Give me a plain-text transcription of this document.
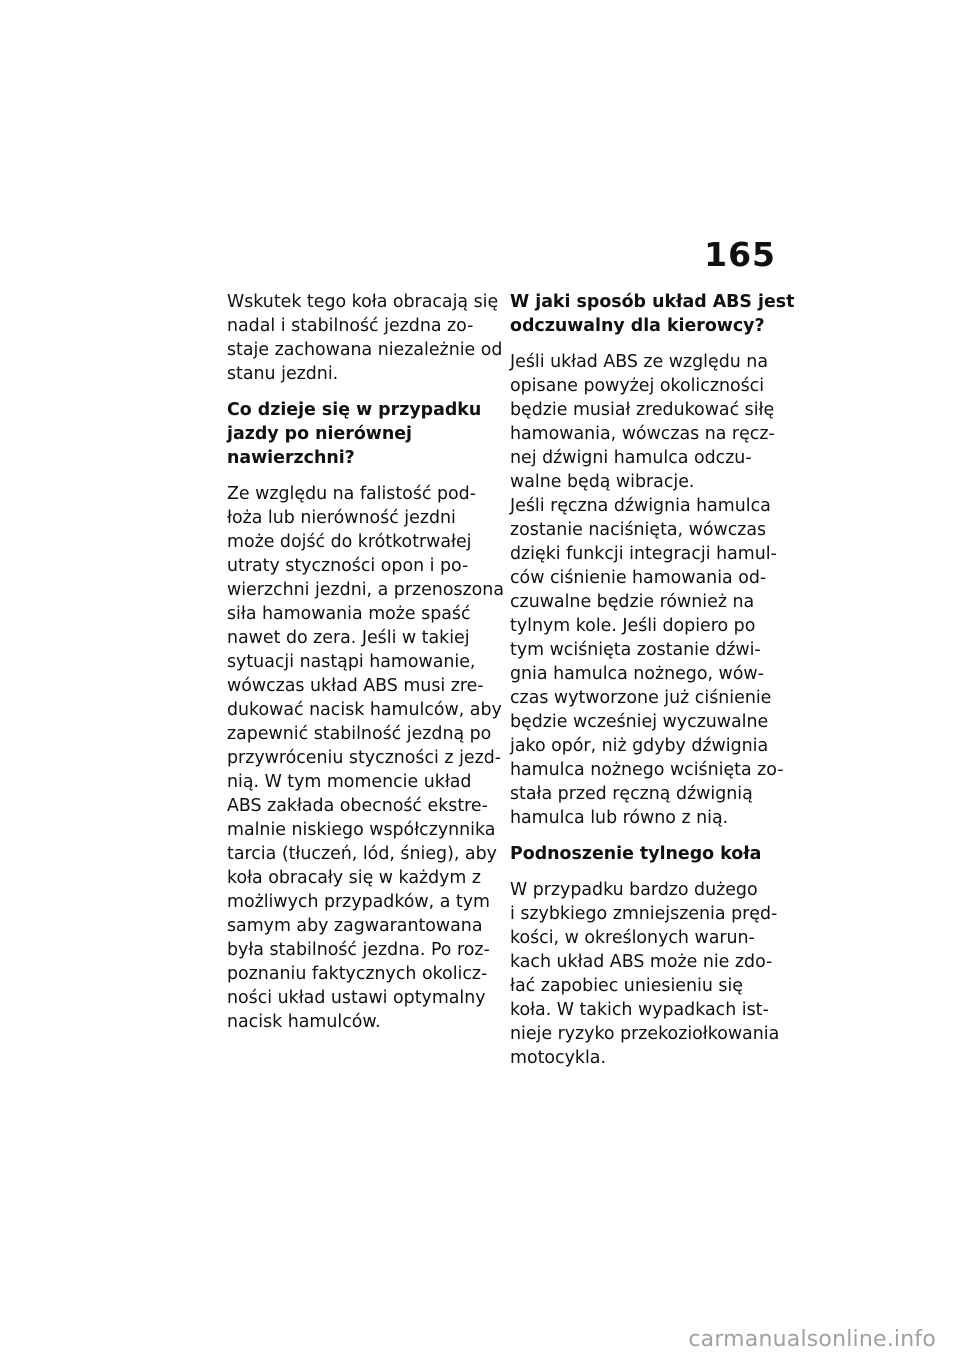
165
Wskutek tego koła obracają się
nadal i stabilność jezdna zo-
staje zachowana niezależnie od
stanu jezdni.
Co dzieje się w przypadku
jazdy po nierównej
nawierzchni?
Ze względu na falistość pod-
łoża lub nierówność jezdni
może dojść do krótkotrwałej
utraty styczności opon i po-
wierzchni jezdni, a przenoszona
siła hamowania może spaść
nawet do zera. Jeśli w takiej
sytuacji nastąpi hamowanie,
wówczas układ ABS musi zre-
dukować nacisk hamulców, aby
zapewnić stabilność jezdną po
przywróceniu styczności z jezd-
nią. W tym momencie układ
ABS zakłada obecność ekstre-
malnie niskiego współczynnika
tarcia (tłuczeń, lód, śnieg), aby
koła obracały się w każdym z
możliwych przypadków, a tym
samym aby zagwarantowana
była stabilność jezdna. Po roz-
poznaniu faktycznych okolicz-
ności układ ustawi optymalny
nacisk hamulców.
W jaki sposób układ ABS jest
odczuwalny dla kierowcy?
Jeśli układ ABS ze względu na
opisane powyżej okoliczności
będzie musiał zredukować siłę
hamowania, wówczas na ręcz-
nej dźwigni hamulca odczu-
walne będą wibracje.
Jeśli ręczna dźwignia hamulca
zostanie naciśnięta, wówczas
dzięki funkcji integracji hamul-
ców ciśnienie hamowania od-
czuwalne będzie również na
tylnym kole. Jeśli dopiero po
tym wciśnięta zostanie dźwi-
gnia hamulca nożnego, wów-
czas wytworzone już ciśnienie
będzie wcześniej wyczuwalne
jako opór, niż gdyby dźwignia
hamulca nożnego wciśnięta zo-
stała przed ręczną dźwignią
hamulca lub równo z nią.
Podnoszenie tylnego koła
W przypadku bardzo dużego
i szybkiego zmniejszenia pręd-
kości, w określonych warun-
kach układ ABS może nie zdo-
łać zapobiec uniesieniu się
koła. W takich wypadkach ist-
nieje ryzyko przekoziołkowania
motocykla.
carmanualsonline.info
